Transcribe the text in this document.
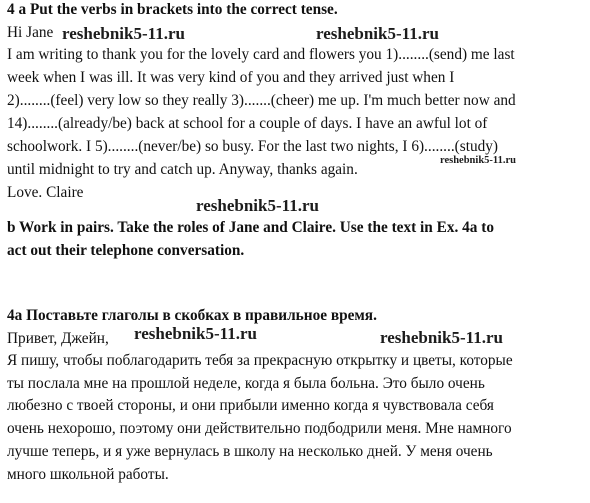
4 a Put the verbs in brackets into the correct tense.
Hi Jane
I am writing to thank you for the lovely card and flowers you 1)........(send) me last
week when I was ill. It was very kind of you and they arrived just when I
2)........(feel) very low so they really 3).......(cheer) me up. I'm much better now and
14)........(already/be) back at school for a couple of days. I have an awful lot of
schoolwork. I 5)........(never/be) so busy. For the last two nights, I 6)........(study)
until midnight to try and catch up. Anyway, thanks again.
Love. Claire
b Work in pairs. Take the roles of Jane and Claire. Use the text in Ex. 4a to
act out their telephone conversation.
4a Поставьте глаголы в скобках в правильное время.
Привет, Джейн,
Я пишу, чтобы поблагодарить тебя за прекрасную открытку и цветы, которые
ты послала мне на прошлой неделе, когда я была больна. Это было очень
любезно с твоей стороны, и они прибыли именно когда я чувствовала себя
очень нехорошо, поэтому они действительно подбодрили меня. Мне намного
лучше теперь, и я уже вернулась в школу на несколько дней. У меня очень
много школьной работы.
reshebnik5-11.ru	reshebnik5-11.ru
reshebnik5-11.ru
reshebnik5-11.ru
reshebnik5-11.ru	reshebnik5-11.ru
